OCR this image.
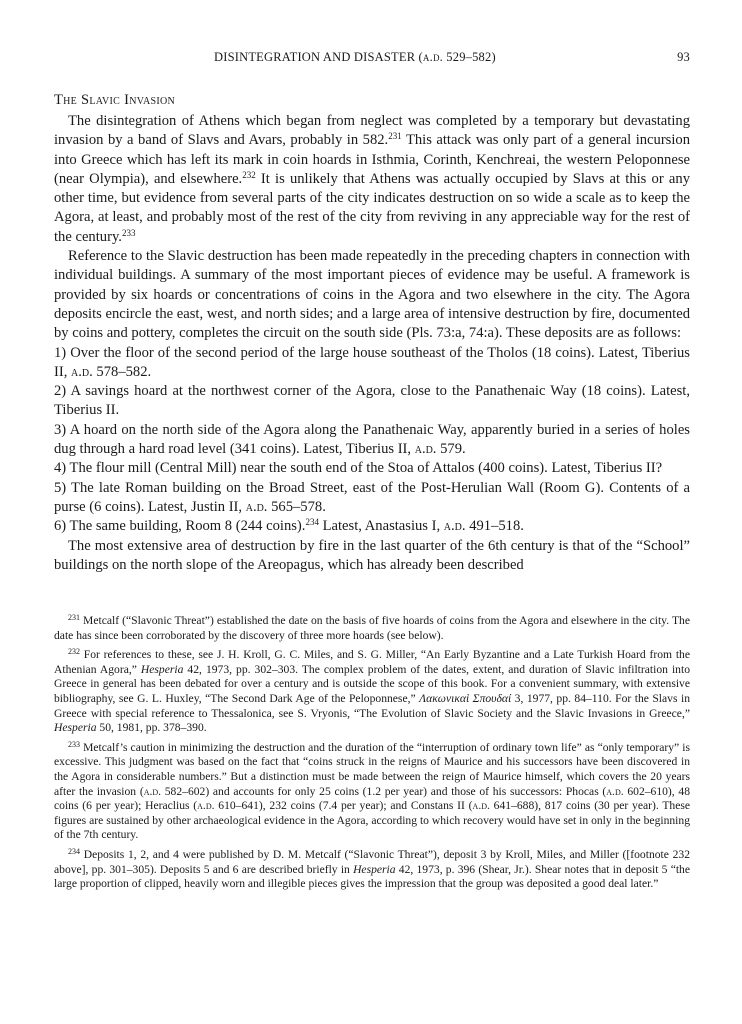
DISINTEGRATION AND DISASTER (a.d. 529–582)	93
The Slavic Invasion

The disintegration of Athens which began from neglect was completed by a temporary but devastating invasion by a band of Slavs and Avars, probably in 582.$^{231}$ This attack was only part of a general incursion into Greece which has left its mark in coin hoards in Isthmia, Corinth, Kenchreai, the western Peloponnese (near Olympia), and elsewhere.$^{232}$ It is unlikely that Athens was actually occupied by Slavs at this or any other time, but evidence from several parts of the city indicates destruction on so wide a scale as to keep the Agora, at least, and probably most of the rest of the city from reviving in any appreciable way for the rest of the century.$^{233}$

Reference to the Slavic destruction has been made repeatedly in the preceding chapters in connection with individual buildings. A summary of the most important pieces of evidence may be useful. A framework is provided by six hoards or concentrations of coins in the Agora and two elsewhere in the city. The Agora deposits encircle the east, west, and north sides; and a large area of intensive destruction by fire, documented by coins and pottery, completes the circuit on the south side (Pls. 73:a, 74:a). These deposits are as follows:

1) Over the floor of the second period of the large house southeast of the Tholos (18 coins). Latest, Tiberius II, a.d. 578–582.

2) A savings hoard at the northwest corner of the Agora, close to the Panathenaic Way (18 coins). Latest, Tiberius II.

3) A hoard on the north side of the Agora along the Panathenaic Way, apparently buried in a series of holes dug through a hard road level (341 coins). Latest, Tiberius II, a.d. 579.

4) The flour mill (Central Mill) near the south end of the Stoa of Attalos (400 coins). Latest, Tiberius II?

5) The late Roman building on the Broad Street, east of the Post-Herulian Wall (Room G). Contents of a purse (6 coins). Latest, Justin II, a.d. 565–578.

6) The same building, Room 8 (244 coins).$^{234}$ Latest, Anastasius I, a.d. 491–518.

The most extensive area of destruction by fire in the last quarter of the 6th century is that of the “School” buildings on the north slope of the Areopagus, which has already been described

$^{231}$ Metcalf (“Slavonic Threat”) established the date on the basis of five hoards of coins from the Agora and elsewhere in the city. The date has since been corroborated by the discovery of three more hoards (see below).

$^{232}$ For references to these, see J. H. Kroll, G. C. Miles, and S. G. Miller, “An Early Byzantine and a Late Turkish Hoard from the Athenian Agora,” Hesperia 42, 1973, pp. 302–303. The complex problem of the dates, extent, and duration of Slavic infiltration into Greece in general has been debated for over a century and is outside the scope of this book. For a convenient summary, with extensive bibliography, see G. L. Huxley, “The Second Dark Age of the Peloponnese,” Λακωνικαὶ Σπουδαί 3, 1977, pp. 84–110. For the Slavs in Greece with special reference to Thessalonica, see S. Vryonis, “The Evolution of Slavic Society and the Slavic Invasions in Greece,” Hesperia 50, 1981, pp. 378–390.

$^{233}$ Metcalf’s caution in minimizing the destruction and the duration of the “interruption of ordinary town life” as “only temporary” is excessive. This judgment was based on the fact that “coins struck in the reigns of Maurice and his successors have been discovered in the Agora in considerable numbers.” But a distinction must be made between the reign of Maurice himself, which covers the 20 years after the invasion (a.d. 582–602) and accounts for only 25 coins (1.2 per year) and those of his successors: Phocas (a.d. 602–610), 48 coins (6 per year); Heraclius (a.d. 610–641), 232 coins (7.4 per year); and Constans II (a.d. 641–688), 817 coins (30 per year). These figures are sustained by other archaeological evidence in the Agora, according to which recovery would have set in only in the beginning of the 7th century.

$^{234}$ Deposits 1, 2, and 4 were published by D. M. Metcalf (“Slavonic Threat”), deposit 3 by Kroll, Miles, and Miller ([footnote 232 above], pp. 301–305). Deposits 5 and 6 are described briefly in Hesperia 42, 1973, p. 396 (Shear, Jr.). Shear notes that in deposit 5 “the large proportion of clipped, heavily worn and illegible pieces gives the impression that the group was deposited a good deal later.”
